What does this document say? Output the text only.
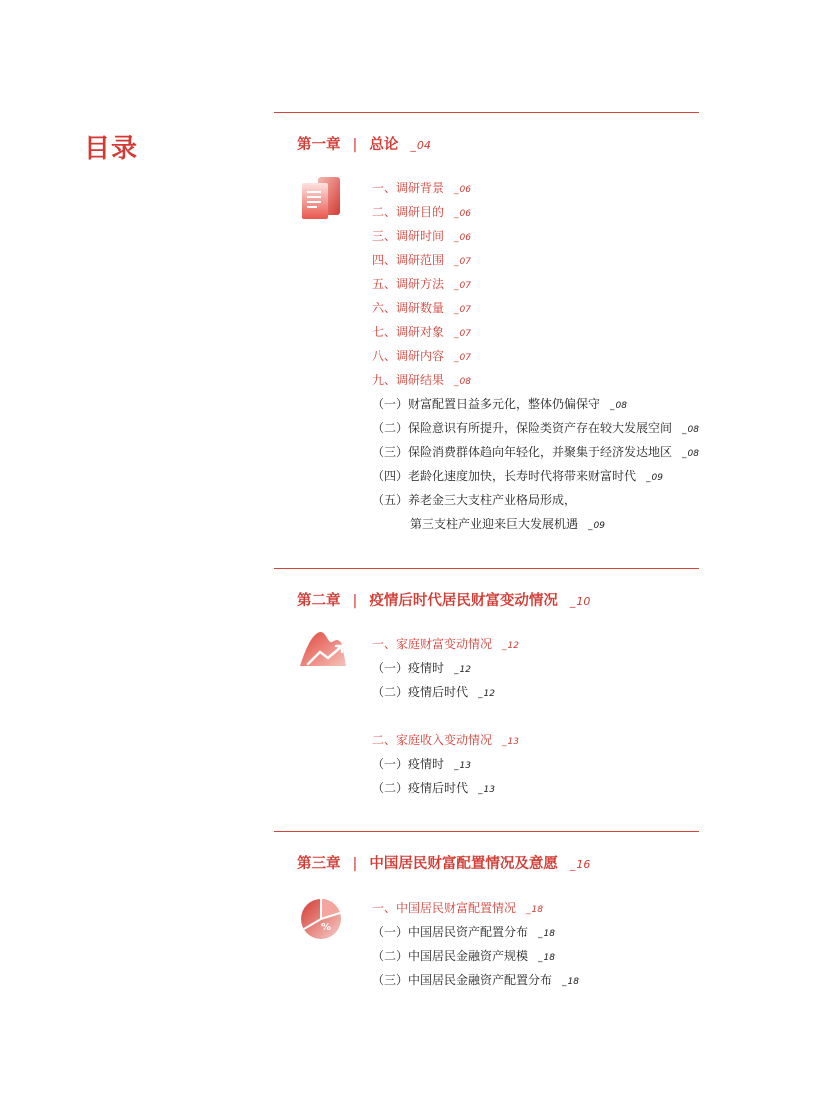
目录	第一章 | 总论 _ 04
一、调研背景 _ 06
二、调研目的 _ 06
三、调研时间 _ 06
四、调研范围 _ 07
五、调研方法 _ 07
六、调研数量 _ 07
七、调研对象 _ 07
八、调研内容 _ 07
九、调研结果 _ 08
（一）财富配置日益多元化，整体仍偏保守 _ 08
（二）保险意识有所提升，保险类资产存在较大发展空间 _ 08
（三）保险消费群体趋向年轻化，并聚集于经济发达地区 _ 08
（四）老龄化速度加快，长寿时代将带来财富时代 _ 09
（五）养老金三大支柱产业格局形成，
第三支柱产业迎来巨大发展机遇 _ 09
第二章 | 疫情后时代居民财富变动情况 _ 10
一、家庭财富变动情况 _ 12
（一）疫情时 _ 12
（二）疫情后时代 _ 12
二、家庭收入变动情况 _ 13
（一）疫情时 _ 13
（二）疫情后时代 _ 13
第三章 | 中国居民财富配置情况及意愿 _ 16
%
一、中国居民财富配置情况 _ 18
（一）中国居民资产配置分布 _ 18
（二）中国居民金融资产规模 _ 18
（三）中国居民金融资产配置分布 _ 18
